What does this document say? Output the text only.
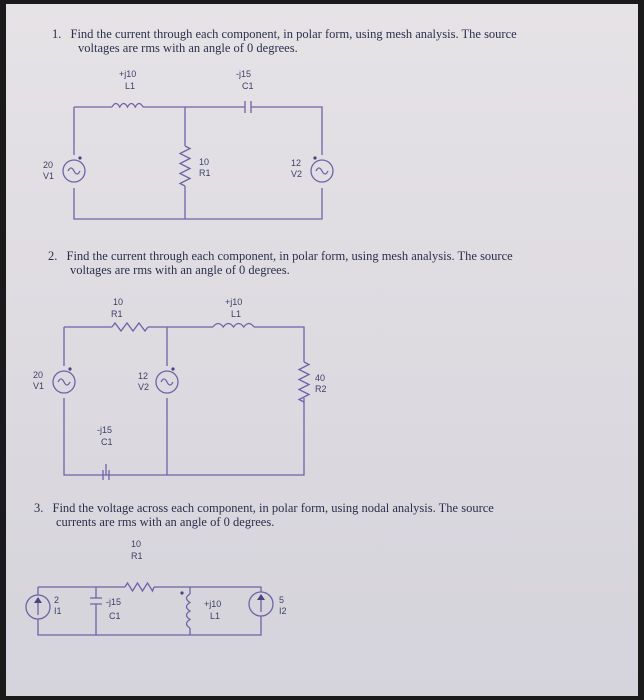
1. Find the current through each component, in polar form, using mesh analysis. The source
voltages are rms with an angle of 0 degrees.
2. Find the current through each component, in polar form, using mesh analysis. The source
voltages are rms with an angle of 0 degrees.
3. Find the voltage across each component, in polar form, using nodal analysis. The source
currents are rms with an angle of 0 degrees.
+j10
L1
-j15
C1
20
V1
10
R1
12
V2
10
R1
+j10
L1
20
V1
12
V2
40
R2
-j15
C1
10
R1
2
I1
-j15
C1
+j10
L1
5
I2
